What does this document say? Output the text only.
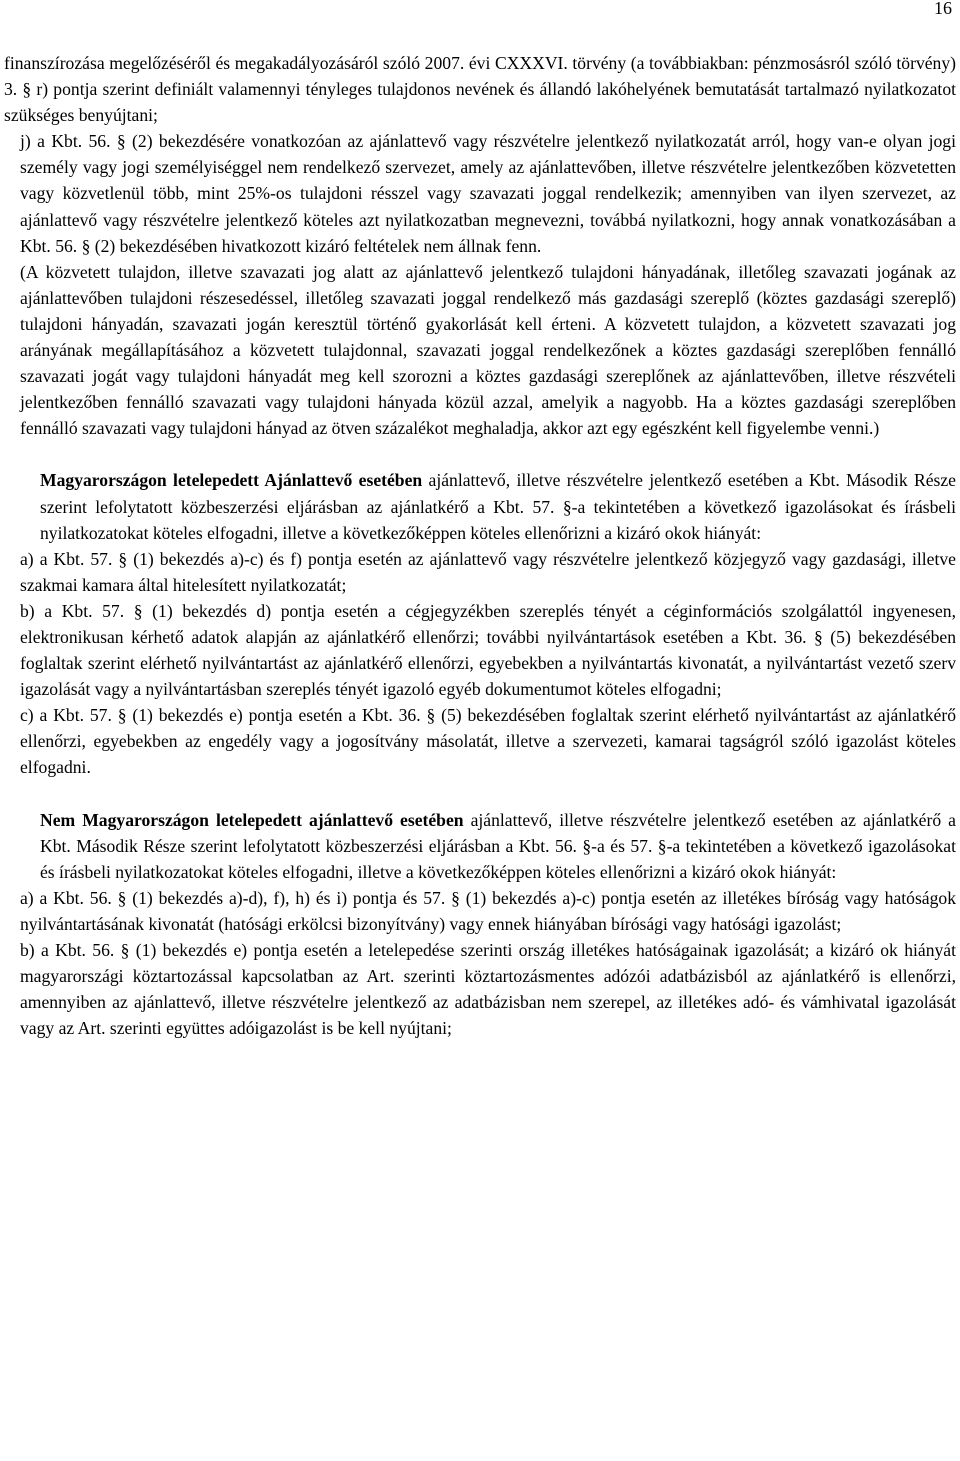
16

finanszírozása megelőzéséről és megakadályozásáról szóló 2007. évi CXXXVI. törvény (a továbbiakban: pénzmosásról szóló törvény) 3. § r) pontja szerint definiált valamennyi tényleges tulajdonos nevének és állandó lakóhelyének bemutatását tartalmazó nyilatkozatot szükséges benyújtani;

j) a Kbt. 56. § (2) bekezdésére vonatkozóan az ajánlattevő vagy részvételre jelentkező nyilatkozatát arról, hogy van-e olyan jogi személy vagy jogi személyiséggel nem rendelkező szervezet, amely az ajánlattevőben, illetve részvételre jelentkezőben közvetetten vagy közvetlenül több, mint 25%-os tulajdoni résszel vagy szavazati joggal rendelkezik; amennyiben van ilyen szervezet, az ajánlattevő vagy részvételre jelentkező köteles azt nyilatkozatban megnevezni, továbbá nyilatkozni, hogy annak vonatkozásában a Kbt. 56. § (2) bekezdésében hivatkozott kizáró feltételek nem állnak fenn.

(A közvetett tulajdon, illetve szavazati jog alatt az ajánlattevő jelentkező tulajdoni hányadának, illetőleg szavazati jogának az ajánlattevőben tulajdoni részesedéssel, illetőleg szavazati joggal rendelkező más gazdasági szereplő (köztes gazdasági szereplő) tulajdoni hányadán, szavazati jogán keresztül történő gyakorlását kell érteni. A közvetett tulajdon, a közvetett szavazati jog arányának megállapításához a közvetett tulajdonnal, szavazati joggal rendelkezőnek a köztes gazdasági szereplőben fennálló szavazati jogát vagy tulajdoni hányadát meg kell szorozni a köztes gazdasági szereplőnek az ajánlattevőben, illetve részvételi jelentkezőben fennálló szavazati vagy tulajdoni hányada közül azzal, amelyik a nagyobb. Ha a köztes gazdasági szereplőben fennálló szavazati vagy tulajdoni hányad az ötven százalékot meghaladja, akkor azt egy egészként kell figyelembe venni.)

Magyarországon letelepedett Ajánlattevő esetében ajánlattevő, illetve részvételre jelentkező esetében a Kbt. Második Része szerint lefolytatott közbeszerzési eljárásban az ajánlatkérő a Kbt. 57. §-a tekintetében a következő igazolásokat és írásbeli nyilatkozatokat köteles elfogadni, illetve a következőképpen köteles ellenőrizni a kizáró okok hiányát:

a) a Kbt. 57. § (1) bekezdés a)-c) és f) pontja esetén az ajánlattevő vagy részvételre jelentkező közjegyző vagy gazdasági, illetve szakmai kamara által hitelesített nyilatkozatát;

b) a Kbt. 57. § (1) bekezdés d) pontja esetén a cégjegyzékben szereplés tényét a céginformációs szolgálattól ingyenesen, elektronikusan kérhető adatok alapján az ajánlatkérő ellenőrzi; további nyilvántartások esetében a Kbt. 36. § (5) bekezdésében foglaltak szerint elérhető nyilvántartást az ajánlatkérő ellenőrzi, egyebekben a nyilvántartás kivonatát, a nyilvántartást vezető szerv igazolását vagy a nyilvántartásban szereplés tényét igazoló egyéb dokumentumot köteles elfogadni;

c) a Kbt. 57. § (1) bekezdés e) pontja esetén a Kbt. 36. § (5) bekezdésében foglaltak szerint elérhető nyilvántartást az ajánlatkérő ellenőrzi, egyebekben az engedély vagy a jogosítvány másolatát, illetve a szervezeti, kamarai tagságról szóló igazolást köteles elfogadni.

Nem Magyarországon letelepedett ajánlattevő esetében ajánlattevő, illetve részvételre jelentkező esetében az ajánlatkérő a Kbt. Második Része szerint lefolytatott közbeszerzési eljárásban a Kbt. 56. §-a és 57. §-a tekintetében a következő igazolásokat és írásbeli nyilatkozatokat köteles elfogadni, illetve a következőképpen köteles ellenőrizni a kizáró okok hiányát:

a) a Kbt. 56. § (1) bekezdés a)-d), f), h) és i) pontja és 57. § (1) bekezdés a)-c) pontja esetén az illetékes bíróság vagy hatóságok nyilvántartásának kivonatát (hatósági erkölcsi bizonyítvány) vagy ennek hiányában bírósági vagy hatósági igazolást;

b) a Kbt. 56. § (1) bekezdés e) pontja esetén a letelepedése szerinti ország illetékes hatóságainak igazolását; a kizáró ok hiányát magyarországi köztartozással kapcsolatban az Art. szerinti köztartozásmentes adózói adatbázisból az ajánlatkérő is ellenőrzi, amennyiben az ajánlattevő, illetve részvételre jelentkező az adatbázisban nem szerepel, az illetékes adó- és vámhivatal igazolását vagy az Art. szerinti együttes adóigazolást is be kell nyújtani;
